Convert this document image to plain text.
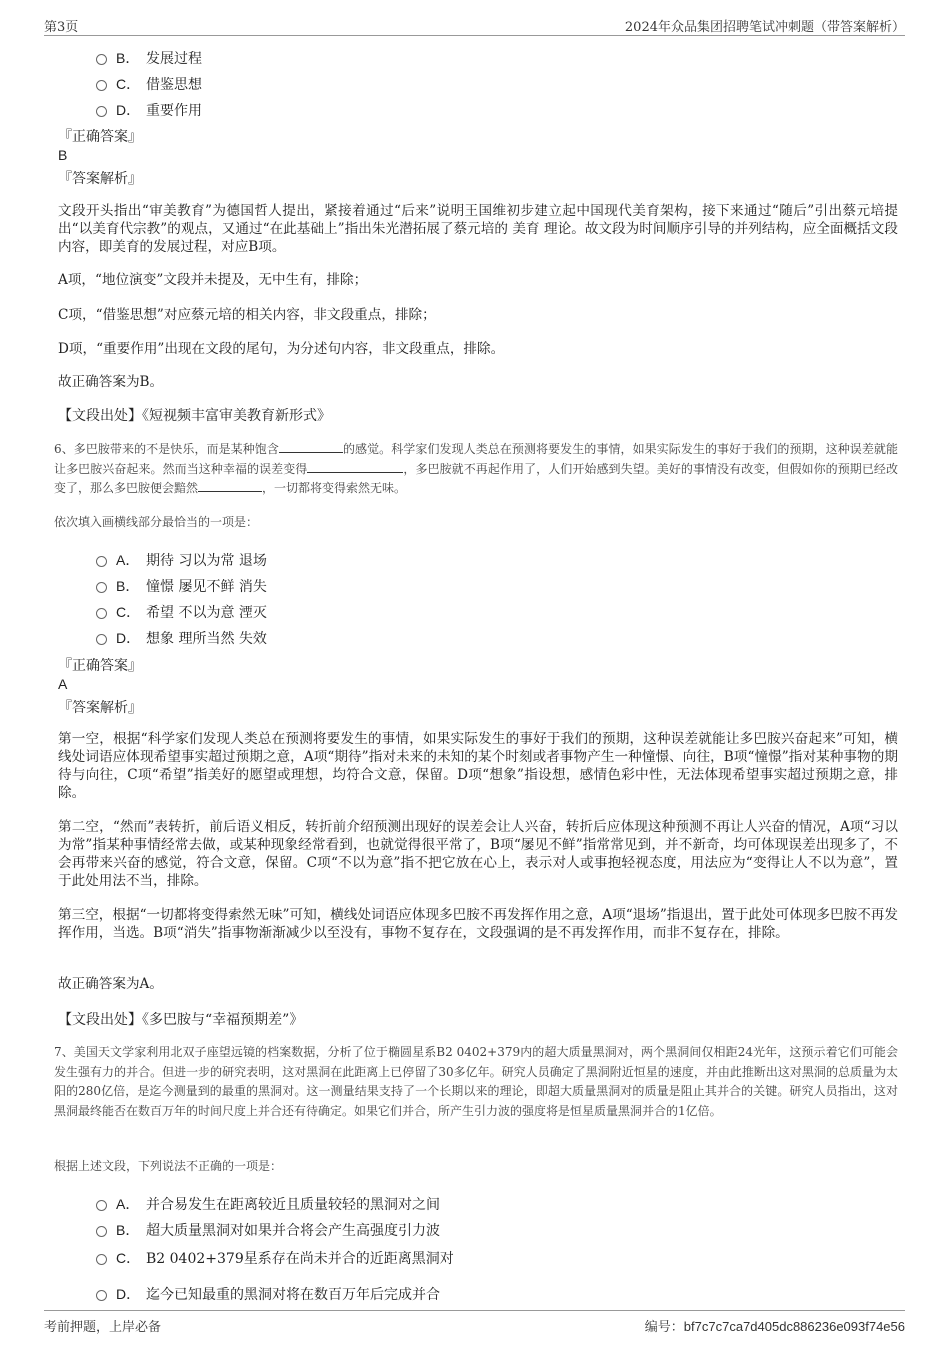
第3页	2024年众品集团招聘笔试冲刺题（带答案解析）
B． 发展过程
C． 借鉴思想
D． 重要作用
『正确答案』
B
『答案解析』
文段开头指出“审美教育”为德国哲人提出，紧接着通过“后来”说明王国维初步建立起中国现代美育架构，接下来通过“随后”引出蔡元培提出“以美育代宗教”的观点，又通过“在此基础上”指出朱光潜拓展了蔡元培的 美育 理论。故文段为时间顺序引导的并列结构，应全面概括文段内容，即美育的发展过程，对应B项。
A项，“地位演变”文段并未提及，无中生有，排除；
C项，“借鉴思想”对应蔡元培的相关内容，非文段重点，排除；
D项，“重要作用”出现在文段的尾句，为分述句内容，非文段重点，排除。
故正确答案为B。
【文段出处】《短视频丰富审美教育新形式》
6、多巴胺带来的不是快乐，而是某种饱含	的感觉。科学家们发现人类总在预测将要发生的事情，如果实际发生的事好于我们的预期，这种误差就能让多巴胺兴奋起来。然而当这种幸福的误差变得	，多巴胺就不再起作用了，人们开始感到失望。美好的事情没有改变，但假如你的预期已经改变了，那么多巴胺便会黯然	，一切都将变得索然无味。
依次填入画横线部分最恰当的一项是：
A． 期待 习以为常 退场
B． 憧憬 屡见不鲜 消失
C． 希望 不以为意 湮灭
D． 想象 理所当然 失效
『正确答案』
A
『答案解析』
第一空，根据“科学家们发现人类总在预测将要发生的事情，如果实际发生的事好于我们的预期，这种误差就能让多巴胺兴奋起来”可知，横线处词语应体现希望事实超过预期之意，A项“期待”指对未来的未知的某个时刻或者事物产生一种憧憬、向往，B项“憧憬”指对某种事物的期待与向往，C项“希望”指美好的愿望或理想，均符合文意，保留。D项“想象”指设想，感情色彩中性，无法体现希望事实超过预期之意，排除。
第二空，“然而”表转折，前后语义相反，转折前介绍预测出现好的误差会让人兴奋，转折后应体现这种预测不再让人兴奋的情况，A项“习以为常”指某种事情经常去做，或某种现象经常看到，也就觉得很平常了，B项“屡见不鲜”指常常见到，并不新奇，均可体现误差出现多了，不会再带来兴奋的感觉，符合文意，保留。C项“不以为意”指不把它放在心上，表示对人或事抱轻视态度，用法应为“变得让人不以为意”，置于此处用法不当，排除。
第三空，根据“一切都将变得索然无味”可知，横线处词语应体现多巴胺不再发挥作用之意，A项“退场”指退出，置于此处可体现多巴胺不再发挥作用，当选。B项“消失”指事物渐渐减少以至没有，事物不复存在，文段强调的是不再发挥作用，而非不复存在，排除。
故正确答案为A。
【文段出处】《多巴胺与“幸福预期差”》
7、美国天文学家利用北双子座望远镜的档案数据，分析了位于椭圆星系B2 0402+379内的超大质量黑洞对，两个黑洞间仅相距24光年，这预示着它们可能会发生强有力的并合。但进一步的研究表明，这对黑洞在此距离上已停留了30多亿年。研究人员确定了黑洞附近恒星的速度，并由此推断出这对黑洞的总质量为太阳的280亿倍，是迄今测量到的最重的黑洞对。这一测量结果支持了一个长期以来的理论，即超大质量黑洞对的质量是阻止其并合的关键。研究人员指出，这对黑洞最终能否在数百万年的时间尺度上并合还有待确定。如果它们并合，所产生引力波的强度将是恒星质量黑洞并合的1亿倍。
根据上述文段，下列说法不正确的一项是：
A． 并合易发生在距离较近且质量较轻的黑洞对之间
B． 超大质量黑洞对如果并合将会产生高强度引力波
C． B2 0402+379星系存在尚未并合的近距离黑洞对
D． 迄今已知最重的黑洞对将在数百万年后完成并合
考前押题，上岸必备	编号：bf7c7c7ca7d405dc886236e093f74e56
